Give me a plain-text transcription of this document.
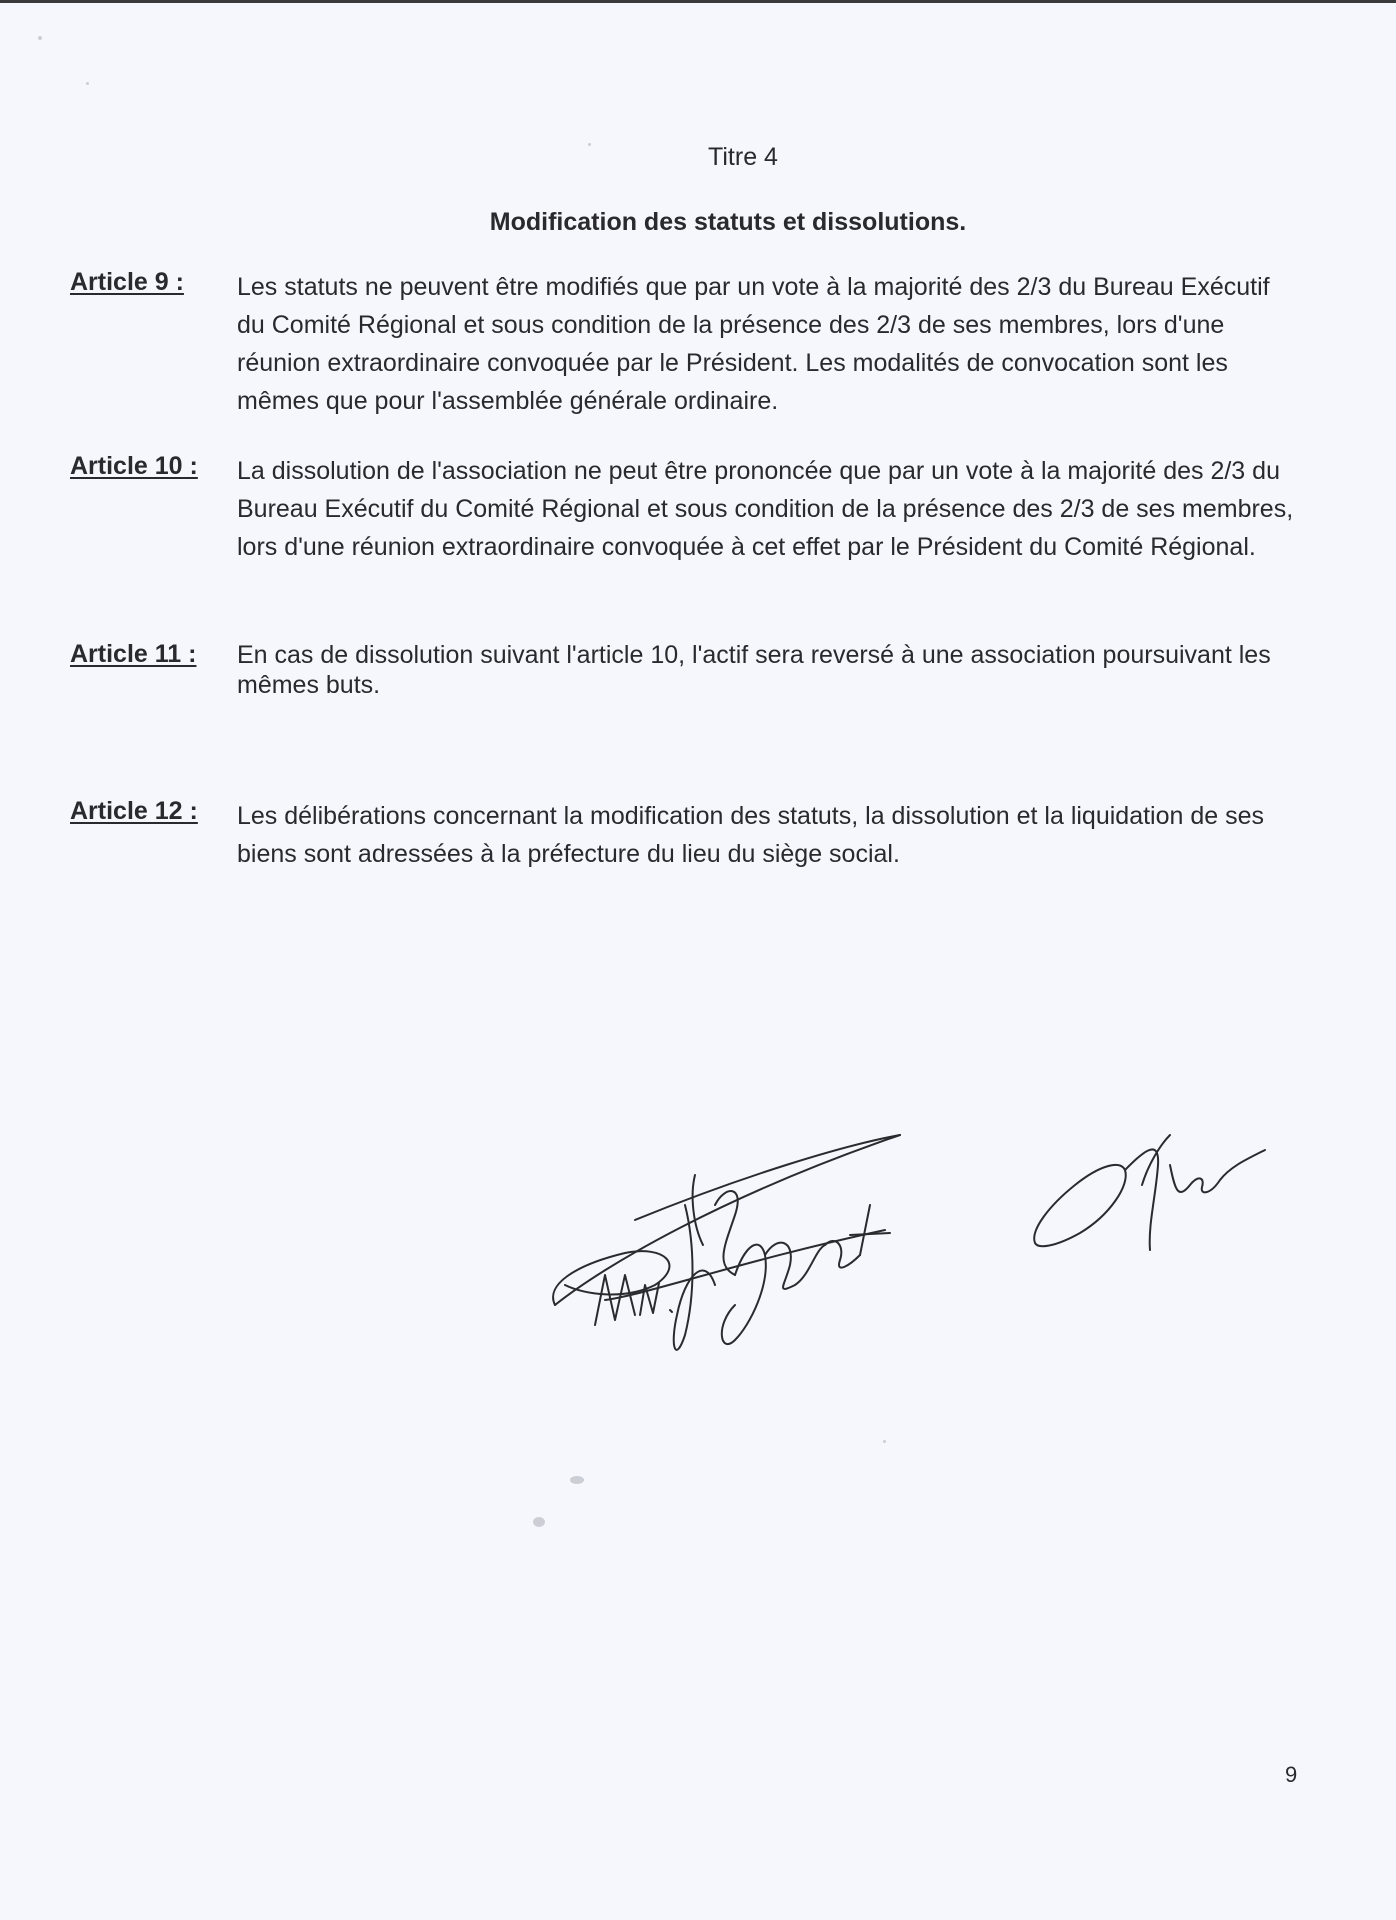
Titre 4
Modification des statuts et dissolutions.
Article 9 : Les statuts ne peuvent être modifiés que par un vote à la majorité des 2/3 du Bureau Exécutif du Comité Régional et sous condition de la présence des 2/3 de ses membres, lors d'une réunion extraordinaire convoquée par le Président. Les modalités de convocation sont les mêmes que pour l'assemblée générale ordinaire.
Article 10 : La dissolution de l'association ne peut être prononcée que par un vote à la majorité des 2/3 du Bureau Exécutif du Comité Régional et sous condition de la présence des 2/3 de ses membres, lors d'une réunion extraordinaire convoquée à cet effet par le Président du Comité Régional.
Article 11 : En cas de dissolution suivant l'article 10, l'actif sera reversé à une association poursuivant les mêmes buts.
Article 12 : Les délibérations concernant la modification des statuts, la dissolution et la liquidation de ses biens sont adressées à la préfecture du lieu du siège social.
9
